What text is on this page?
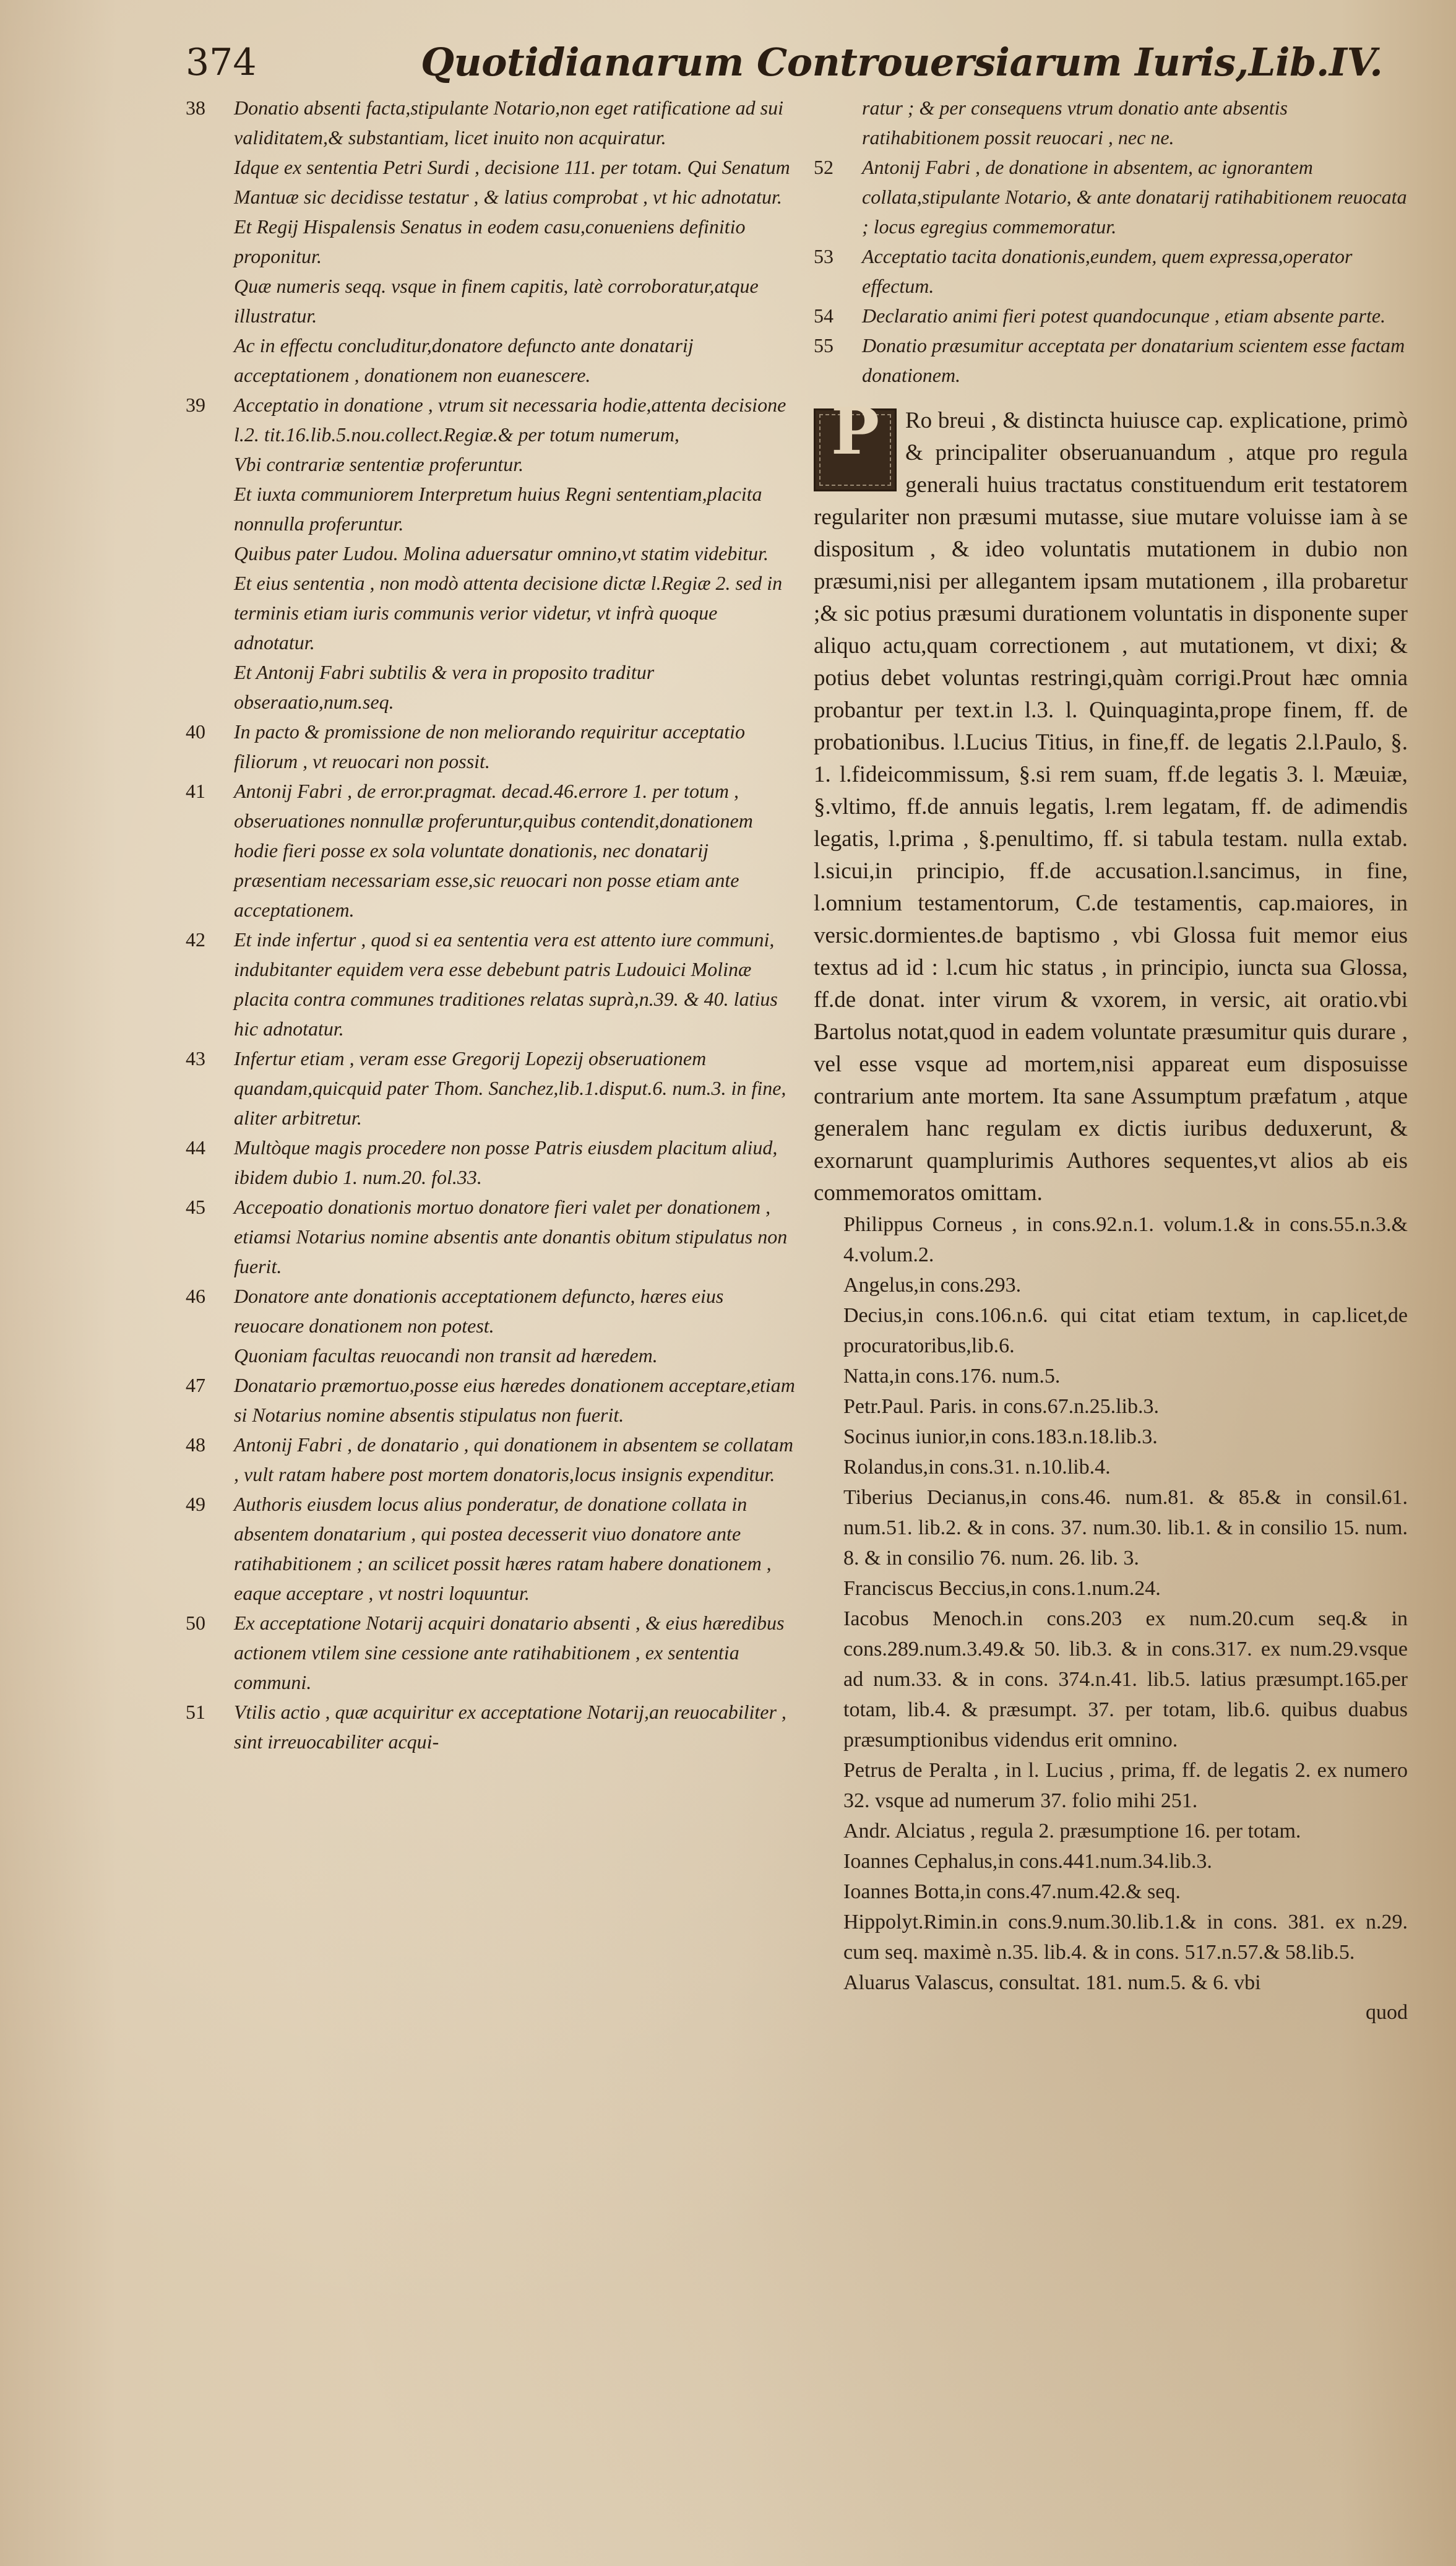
374	Quotidianarum Controuersiarum Iuris,Lib.IV.

38 Donatio absenti facta,stipulante Notario,non eget ratificatione ad sui validitatem,& substantiam, licet inuito non acquiratur.

Idque ex sententia Petri Surdi , decisione 111. per totam. Qui Senatum Mantuæ sic decidisse testatur , & latius comprobat , vt hic adnotatur.

Et Regij Hispalensis Senatus in eodem casu,conueniens definitio proponitur.

Quæ numeris seqq. vsque in finem capitis, latè corroboratur,atque illustratur.

Ac in effectu concluditur,donatore defuncto ante donatarij acceptationem , donationem non euanescere.

39 Acceptatio in donatione , vtrum sit necessaria hodie,attenta decisione l.2. tit.16.lib.5.nou.collect.Regiæ.& per totum numerum,

Vbi contrariæ sententiæ proferuntur.

Et iuxta communiorem Interpretum huius Regni sententiam,placita nonnulla proferuntur.

Quibus pater Ludou. Molina aduersatur omnino,vt statim videbitur.

Et eius sententia , non modò attenta decisione dictæ l.Regiæ 2. sed in terminis etiam iuris communis verior videtur, vt infrà quoque adnotatur.

Et Antonij Fabri subtilis & vera in proposito traditur obseraatio,num.seq.

40 In pacto & promissione de non meliorando requiritur acceptatio filiorum , vt reuocari non possit.

41 Antonij Fabri , de error.pragmat. decad.46.errore 1. per totum , obseruationes nonnullæ proferuntur,quibus contendit,donationem hodie fieri posse ex sola voluntate donationis, nec donatarij præsentiam necessariam esse,sic reuocari non posse etiam ante acceptationem.

42 Et inde infertur , quod si ea sententia vera est attento iure communi, indubitanter equidem vera esse debebunt patris Ludouici Molinæ placita contra communes traditiones relatas suprà,n.39. & 40. latius hic adnotatur.

43 Infertur etiam , veram esse Gregorij Lopezij obseruationem quandam,quicquid pater Thom. Sanchez,lib.1.disput.6. num.3. in fine, aliter arbitretur.

44 Multòque magis procedere non posse Patris eiusdem placitum aliud, ibidem dubio 1. num.20. fol.33.

45 Accepoatio donationis mortuo donatore fieri valet per donationem , etiamsi Notarius nomine absentis ante donantis obitum stipulatus non fuerit.

46 Donatore ante donationis acceptationem defuncto, hæres eius reuocare donationem non potest.

Quoniam facultas reuocandi non transit ad hæredem.

47 Donatario præmortuo,posse eius hæredes donationem acceptare,etiam si Notarius nomine absentis stipulatus non fuerit.

48 Antonij Fabri , de donatario , qui donationem in absentem se collatam , vult ratam habere post mortem donatoris,locus insignis expenditur.

49 Authoris eiusdem locus alius ponderatur, de donatione collata in absentem donatarium , qui postea decesserit viuo donatore ante ratihabitionem ; an scilicet possit hæres ratam habere donationem , eaque acceptare , vt nostri loquuntur.

50 Ex acceptatione Notarij acquiri donatario absenti , & eius hæredibus actionem vtilem sine cessione ante ratihabitionem , ex sententia communi.

51 Vtilis actio , quæ acquiritur ex acceptatione Notarij,an reuocabiliter , sint irreuocabiliter acqui-

ratur ; & per consequens vtrum donatio ante absentis ratihabitionem possit reuocari , nec ne.

52 Antonij Fabri , de donatione in absentem, ac ignorantem collata,stipulante Notario, & ante donatarij ratihabitionem reuocata ; locus egregius commemoratur.

53 Acceptatio tacita donationis,eundem, quem expressa,operator effectum.

54 Declaratio animi fieri potest quandocunque , etiam absente parte.

55 Donatio præsumitur acceptata per donatarium scientem esse factam donationem.

P	Ro breui , & distincta huiusce cap. explicatione, primò & principaliter obseruanuandum , atque pro regula generali huius tractatus constituendum erit testatorem regulariter non præsumi mutasse, siue mutare voluisse iam à se dispositum , & ideo voluntatis mutationem in dubio non præsumi,nisi per allegantem ipsam mutationem , illa probaretur ;& sic potius præsumi durationem voluntatis in disponente super aliquo actu,quam correctionem , aut mutationem, vt dixi; & potius debet voluntas restringi,quàm corrigi.Prout hæc omnia probantur per text.in l.3. l. Quinquaginta,prope finem, ff. de probationibus. l.Lucius Titius, in fine,ff. de legatis 2.l.Paulo, §. 1. l.fideicommissum, §.si rem suam, ff.de legatis 3. l. Mæuiæ, §.vltimo, ff.de annuis legatis, l.rem legatam, ff. de adimendis legatis, l.prima , §.penultimo, ff. si tabula testam. nulla extab. l.sicui,in principio, ff.de accusation.l.sancimus, in fine, l.omnium testamentorum, C.de testamentis, cap.maiores, in versic.dormientes.de baptismo , vbi Glossa fuit memor eius textus ad id : l.cum hic status , in principio, iuncta sua Glossa, ff.de donat. inter virum & vxorem, in versic, ait oratio.vbi Bartolus notat,quod in eadem voluntate præsumitur quis durare , vel esse vsque ad mortem,nisi appareat eum disposuisse contrarium ante mortem. Ita sane Assumptum præfatum , atque generalem hanc regulam ex dictis iuribus deduxerunt, & exornarunt quamplurimis Authores sequentes,vt alios ab eis commemoratos omittam.

Philippus Corneus , in cons.92.n.1. volum.1.& in cons.55.n.3.& 4.volum.2.

Angelus,in cons.293.

Decius,in cons.106.n.6. qui citat etiam textum, in cap.licet,de procuratoribus,lib.6.

Natta,in cons.176. num.5.

Petr.Paul. Paris. in cons.67.n.25.lib.3.

Socinus iunior,in cons.183.n.18.lib.3.

Rolandus,in cons.31. n.10.lib.4.

Tiberius Decianus,in cons.46. num.81. & 85.& in consil.61. num.51. lib.2. & in cons. 37. num.30. lib.1. & in consilio 15. num. 8. & in consilio 76. num. 26. lib. 3.

Franciscus Beccius,in cons.1.num.24.

Iacobus Menoch.in cons.203 ex num.20.cum seq.& in cons.289.num.3.49.& 50. lib.3. & in cons.317. ex num.29.vsque ad num.33. & in cons. 374.n.41. lib.5. latius præsumpt.165.per totam, lib.4. & præsumpt. 37. per totam, lib.6. quibus duabus præsumptionibus videndus erit omnino.

Petrus de Peralta , in l. Lucius , prima, ff. de legatis 2. ex numero 32. vsque ad numerum 37. folio mihi 251.

Andr. Alciatus , regula 2. præsumptione 16. per totam.

Ioannes Cephalus,in cons.441.num.34.lib.3.

Ioannes Botta,in cons.47.num.42.& seq.

Hippolyt.Rimin.in cons.9.num.30.lib.1.& in cons. 381. ex n.29. cum seq. maximè n.35. lib.4. & in cons. 517.n.57.& 58.lib.5.

Aluarus Valascus, consultat. 181. num.5. & 6. vbi

quod
